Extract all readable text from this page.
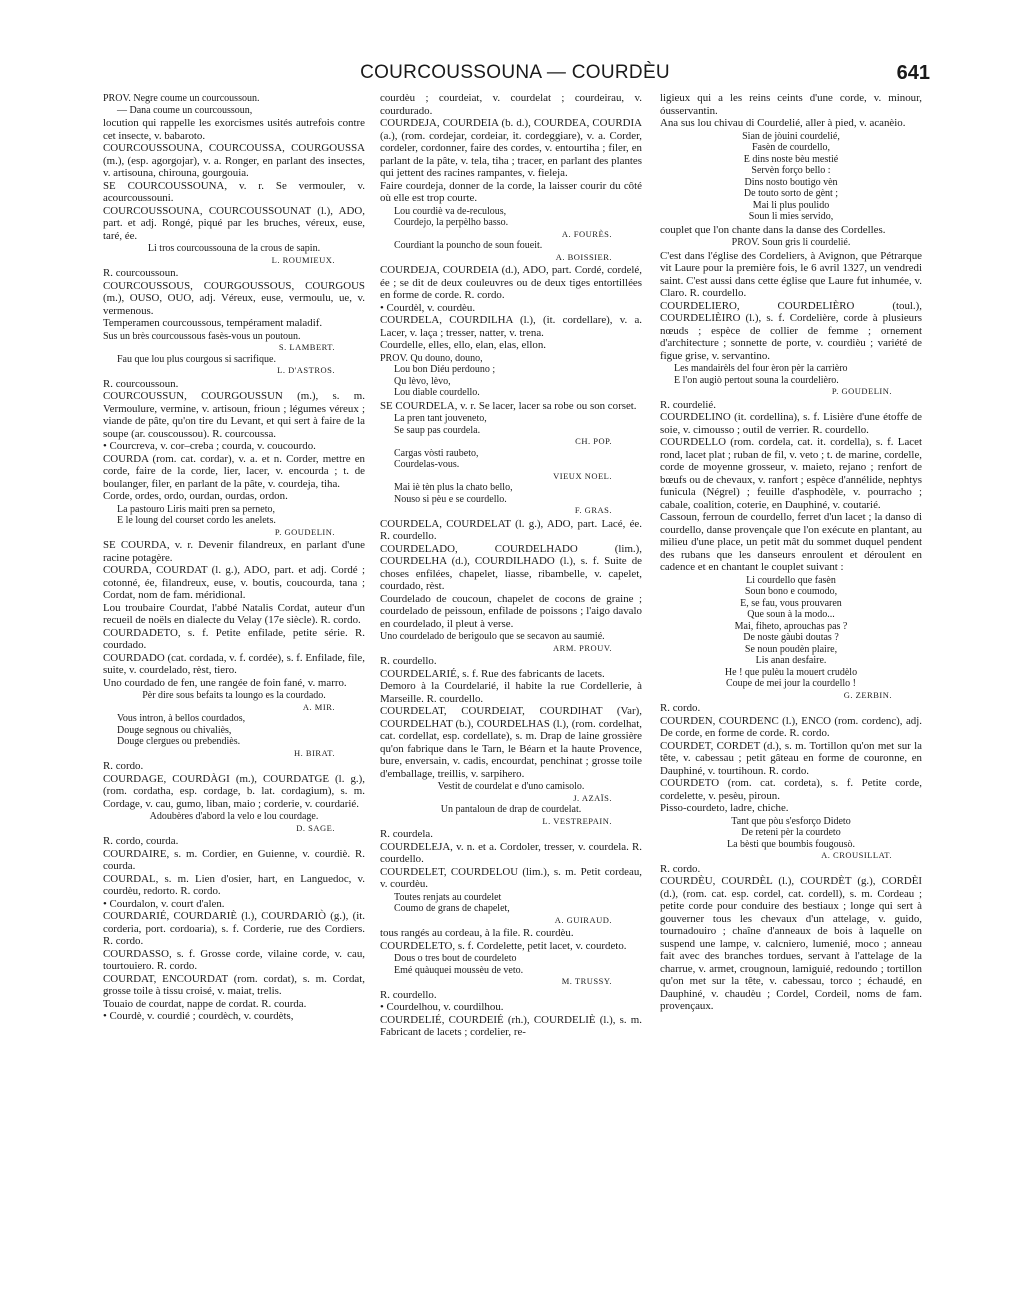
COURCOUSSOUNA — COURDÈU	641
PROV. Negre coume un courcoussoun.
— Dana coume un courcoussoun,

locution qui rappelle les exorcismes usités autrefois contre cet insecte, v. babaroto.

COURCOUSSOUNA, COURCOUSSA, COURGOUSSA (m.), (esp. agorgojar), v. a. Ronger, en parlant des insectes, v. artisouna, chirouna, gourgouia.

SE COURCOUSSOUNA, v. r. Se vermouler, v. acourcoussouni.

COURCOUSSOUNA, COURCOUSSOUNAT (l.), ADO, part. et adj. Rongé, piqué par les bruches, véreux, euse, taré, ée.

Li tros courcoussouna de la crous de sapin.
L. ROUMIEUX.

R. courcoussoun.

COURCOUSSOUS, COURGOUSSOUS, COURGOUS (m.), OUSO, OUO, adj. Véreux, euse, vermoulu, ue, v. vermenous.

Temperamen courcoussous, tempérament maladif.

Sus un brès courcoussous fasès-vous un poutoun.
S. LAMBERT.
Fau que lou plus courgous si sacrifique.
L. D'ASTROS.

R. courcoussoun.

COURCOUSSUN, COURGOUSSUN (m.), s. m. Vermoulure, vermine, v. artisoun, frioun ; légumes véreux ; viande de pâte, qu'on tire du Levant, et qui sert à faire de la soupe (ar. couscoussou). R. courcoussa.

• Courcreva, v. cor–creba ; courda, v. coucourdo.

COURDA (rom. cat. cordar), v. a. et n. Corder, mettre en corde, faire de la corde, lier, lacer, v. encourda ; t. de boulanger, filer, en parlant de la pâte, v. courdeja, tiha.

Corde, ordes, ordo, ourdan, ourdas, ordon.

La pastouro Liris maiti pren sa perneto,
E le loung del courset cordo les anelets.
P. GOUDELIN.

SE COURDA, v. r. Devenir filandreux, en parlant d'une racine potagère.

COURDA, COURDAT (l. g.), ADO, part. et adj. Cordé ; cotonné, ée, filandreux, euse, v. boutis, coucourda, tana ; Cordat, nom de fam. méridional.

Lou troubaire Courdat, l'abbé Natalis Cordat, auteur d'un recueil de noëls en dialecte du Velay (17e siècle). R. cordo.

COURDADETO, s. f. Petite enfilade, petite série. R. courdado.

COURDADO (cat. cordada, v. f. cordée), s. f. Enfilade, file, suite, v. courdelado, rèst, tiero.

Uno courdado de fen, une rangée de foin fané, v. marro.

Pèr dire sous befaits ta loungo es la courdado.
A. MIR.
Vous intron, à bellos courdados,
Douge segnous ou chivaliès,
Douge clergues ou prebendiès.
H. BIRAT.

R. cordo.

COURDAGE, COURDÀGI (m.), COURDATGE (l. g.), (rom. cordatha, esp. cordage, b. lat. cordagium), s. m. Cordage, v. cau, gumo, liban, maio ; corderie, v. courdarié.

Adoubères d'abord la velo e lou courdage.
D. SAGE.

R. cordo, courda.

COURDAIRE, s. m. Cordier, en Guienne, v. courdiè. R. courda.

COURDAL, s. m. Lien d'osier, hart, en Languedoc, v. courdèu, redorto. R. cordo.

• Courdalon, v. court d'alen.

COURDARIÉ, COURDARIÈ (l.), COURDARIÒ (g.), (it. corderia, port. cordoaria), s. f. Corderie, rue des Cordiers. R. cordo.

COURDASSO, s. f. Grosse corde, vilaine corde, v. cau, tourtouiero. R. cordo.

COURDAT, ENCOURDAT (rom. cordat), s. m. Cordat, grosse toile à tissu croisé, v. maiat, trelis.

Touaio de courdat, nappe de cordat. R. courda.

• Courdè, v. courdié ; courdèch, v. courdèts,

courdèu ; courdeiat, v. courdelat ; courdeirau, v. courdurado.

COURDEJA, COURDEIA (b. d.), COURDEA, COURDIA (a.), (rom. cordejar, cordeiar, it. cordeggiare), v. a. Corder, cordeler, cordonner, faire des cordes, v. entourtiha ; filer, en parlant de la pâte, v. tela, tiha ; tracer, en parlant des plantes qui jettent des racines rampantes, v. fieleja.

Faire courdeja, donner de la corde, la laisser courir du côté où elle est trop courte.

Lou courdiè va de-reculous,
Courdejo, la perpèlho basso.
A. FOURÈS.
Courdiant la pouncho de soun foueit.
A. BOISSIER.

COURDEJA, COURDEIA (d.), ADO, part. Cordé, cordelé, ée ; se dit de deux couleuvres ou de deux tiges entortillées en forme de corde. R. cordo.

• Courdèl, v. courdèu.

COURDELA, COURDILHA (l.), (it. cordellare), v. a. Lacer, v. laça ; tresser, natter, v. trena.

Courdelle, elles, ello, elan, elas, ellon.

PROV. Qu douno, douno,
Lou bon Diéu perdouno ;
Qu lèvo, lèvo,
Lou diable courdello.

SE COURDELA, v. r. Se lacer, lacer sa robe ou son corset.

La pren tant jouveneto,
Se saup pas courdela.
CH. POP.
Cargas vòsti raubeto,
Courdelas-vous.
VIEUX NOEL.
Mai iè tèn plus la chato bello,
Nouso si pèu e se courdello.
F. GRAS.

COURDELA, COURDELAT (l. g.), ADO, part. Lacé, ée. R. courdello.

COURDELADO, COURDELHADO (lim.), COURDELHA (d.), COURDILHADO (l.), s. f. Suite de choses enfilées, chapelet, liasse, ribambelle, v. capelet, courdado, rèst.

Courdelado de coucoun, chapelet de cocons de graine ; courdelado de peissoun, enfilade de poissons ; l'aigo davalo en courdelado, il pleut à verse.

Uno courdelado de berigoulo que se secavon au saumié.
ARM. PROUV.

R. courdello.

COURDELARIÉ, s. f. Rue des fabricants de lacets.

Demoro à la Courdelarié, il habite la rue Cordellerie, à Marseille. R. courdello.

COURDELAT, COURDEIAT, COURDIHAT (Var), COURDELHAT (b.), COURDELHAS (l.), (rom. cordelhat, cat. cordellat, esp. cordellate), s. m. Drap de laine grossière qu'on fabrique dans le Tarn, le Béarn et la haute Provence, bure, enversain, v. cadis, encourdat, penchinat ; grosse toile d'emballage, treillis, v. sarpihero.

Vestit de courdelat e d'uno camisolo.
J. AZAÏS.
Un pantaloun de drap de courdelat.
L. VESTREPAIN.

R. courdela.

COURDELEJA, v. n. et a. Cordoler, tresser, v. courdela. R. courdello.

COURDELET, COURDELOU (lim.), s. m. Petit cordeau, v. courdèu.

Toutes renjats au courdelet
Coumo de grans de chapelet,
A. GUIRAUD.

tous rangés au cordeau, à la file. R. courdèu.

COURDELETO, s. f. Cordelette, petit lacet, v. courdeto.

Dous o tres bout de courdeleto
Emé quàuquei moussèu de veto.
M. TRUSSY.

R. courdello.

• Courdelhou, v. courdilhou.

COURDELIÉ, COURDEIÉ (rh.), COURDELIÈ (l.), s. m. Fabricant de lacets ; cordelier, re-

ligieux qui a les reins ceints d'une corde, v. minour, óusservantin.

Ana sus lou chivau di Courdelié, aller à pied, v. acanèio.

Sian de jòuini courdelié,
Fasèn de courdello,
E dins noste bèu mestié
Servèn forço bello :
Dins nosto boutigo vèn
De touto sorto de gènt ;
Mai li plus poulido
Soun li mies servido,

couplet que l'on chante dans la danse des Cordelles.

PROV. Soun gris li courdelié.

C'est dans l'église des Cordeliers, à Avignon, que Pétrarque vit Laure pour la première fois, le 6 avril 1327, un vendredi saint. C'est aussi dans cette église que Laure fut inhumée, v. Claro. R. courdello.

COURDELIERO, COURDELIÈRO (toul.), COURDELIÈIRO (l.), s. f. Cordelière, corde à plusieurs nœuds ; espèce de collier de femme ; ornement d'architecture ; sonnette de porte, v. courdièu ; variété de figue grise, v. servantino.

Les mandairèls del four èron pèr la carrièro
E l'on augiò pertout souna la courdelièro.
P. GOUDELIN.

R. courdelié.

COURDELINO (it. cordellina), s. f. Lisière d'une étoffe de soie, v. cimousso ; outil de verrier. R. courdello.

COURDELLO (rom. cordela, cat. it. cordella), s. f. Lacet rond, lacet plat ; ruban de fil, v. veto ; t. de marine, cordelle, corde de moyenne grosseur, v. maieto, rejano ; renfort de bœufs ou de chevaux, v. ranfort ; espèce d'annélide, nephtys funicula (Négrel) ; feuille d'asphodèle, v. pourracho ; cabale, coalition, coterie, en Dauphiné, v. coutarié.

Cassoun, ferroun de courdello, ferret d'un lacet ; la danso di courdello, danse provençale que l'on exécute en plantant, au milieu d'une place, un petit mât du sommet duquel pendent des rubans que les danseurs enroulent et déroulent en cadence et en chantant le couplet suivant :

Li courdello que fasèn
Soun bono e coumodo,
E, se fau, vous prouvaren
Que soun à la modo...
Mai, fiheto, aprouchas pas ?
De noste gàubi doutas ?
Se noun poudèn plaire,
Lis anan desfaire.
He ! que pulèu la mouert crudèlo
Coupe de mei jour la courdello !
G. ZERBIN.

R. cordo.

COURDEN, COURDENC (l.), ENCO (rom. cordenc), adj. De corde, en forme de corde. R. cordo.

COURDET, CORDET (d.), s. m. Tortillon qu'on met sur la tête, v. cabessau ; petit gâteau en forme de couronne, en Dauphiné, v. tourtihoun. R. cordo.

COURDETO (rom. cat. cordeta), s. f. Petite corde, cordelette, v. pesèu, piroun.

Pisso-courdeto, ladre, chiche.

Tant que pòu s'esforço Dideto
De reteni pèr la courdeto
La bèsti que boumbis fougousò.
A. CROUSILLAT.

R. cordo.

COURDÈU, COURDÈL (l.), COURDÈT (g.), CORDÈI (d.), (rom. cat. esp. cordel, cat. cordell), s. m. Cordeau ; petite corde pour conduire des bestiaux ; longe qui sert à gouverner tous les chevaux d'un attelage, v. guido, tournadouiro ; chaîne d'anneaux de bois à laquelle on suspend une lampe, v. calcniero, lumenié, moco ; anneau fait avec des branches tordues, servant à l'attelage de la charrue, v. armet, crougnoun, lamiguié, redoundo ; tortillon qu'on met sur la tête, v. cabessau, torco ; échaudé, en Dauphiné, v. chaudèu ; Cordel, Cordeil, noms de fam. provençaux.
